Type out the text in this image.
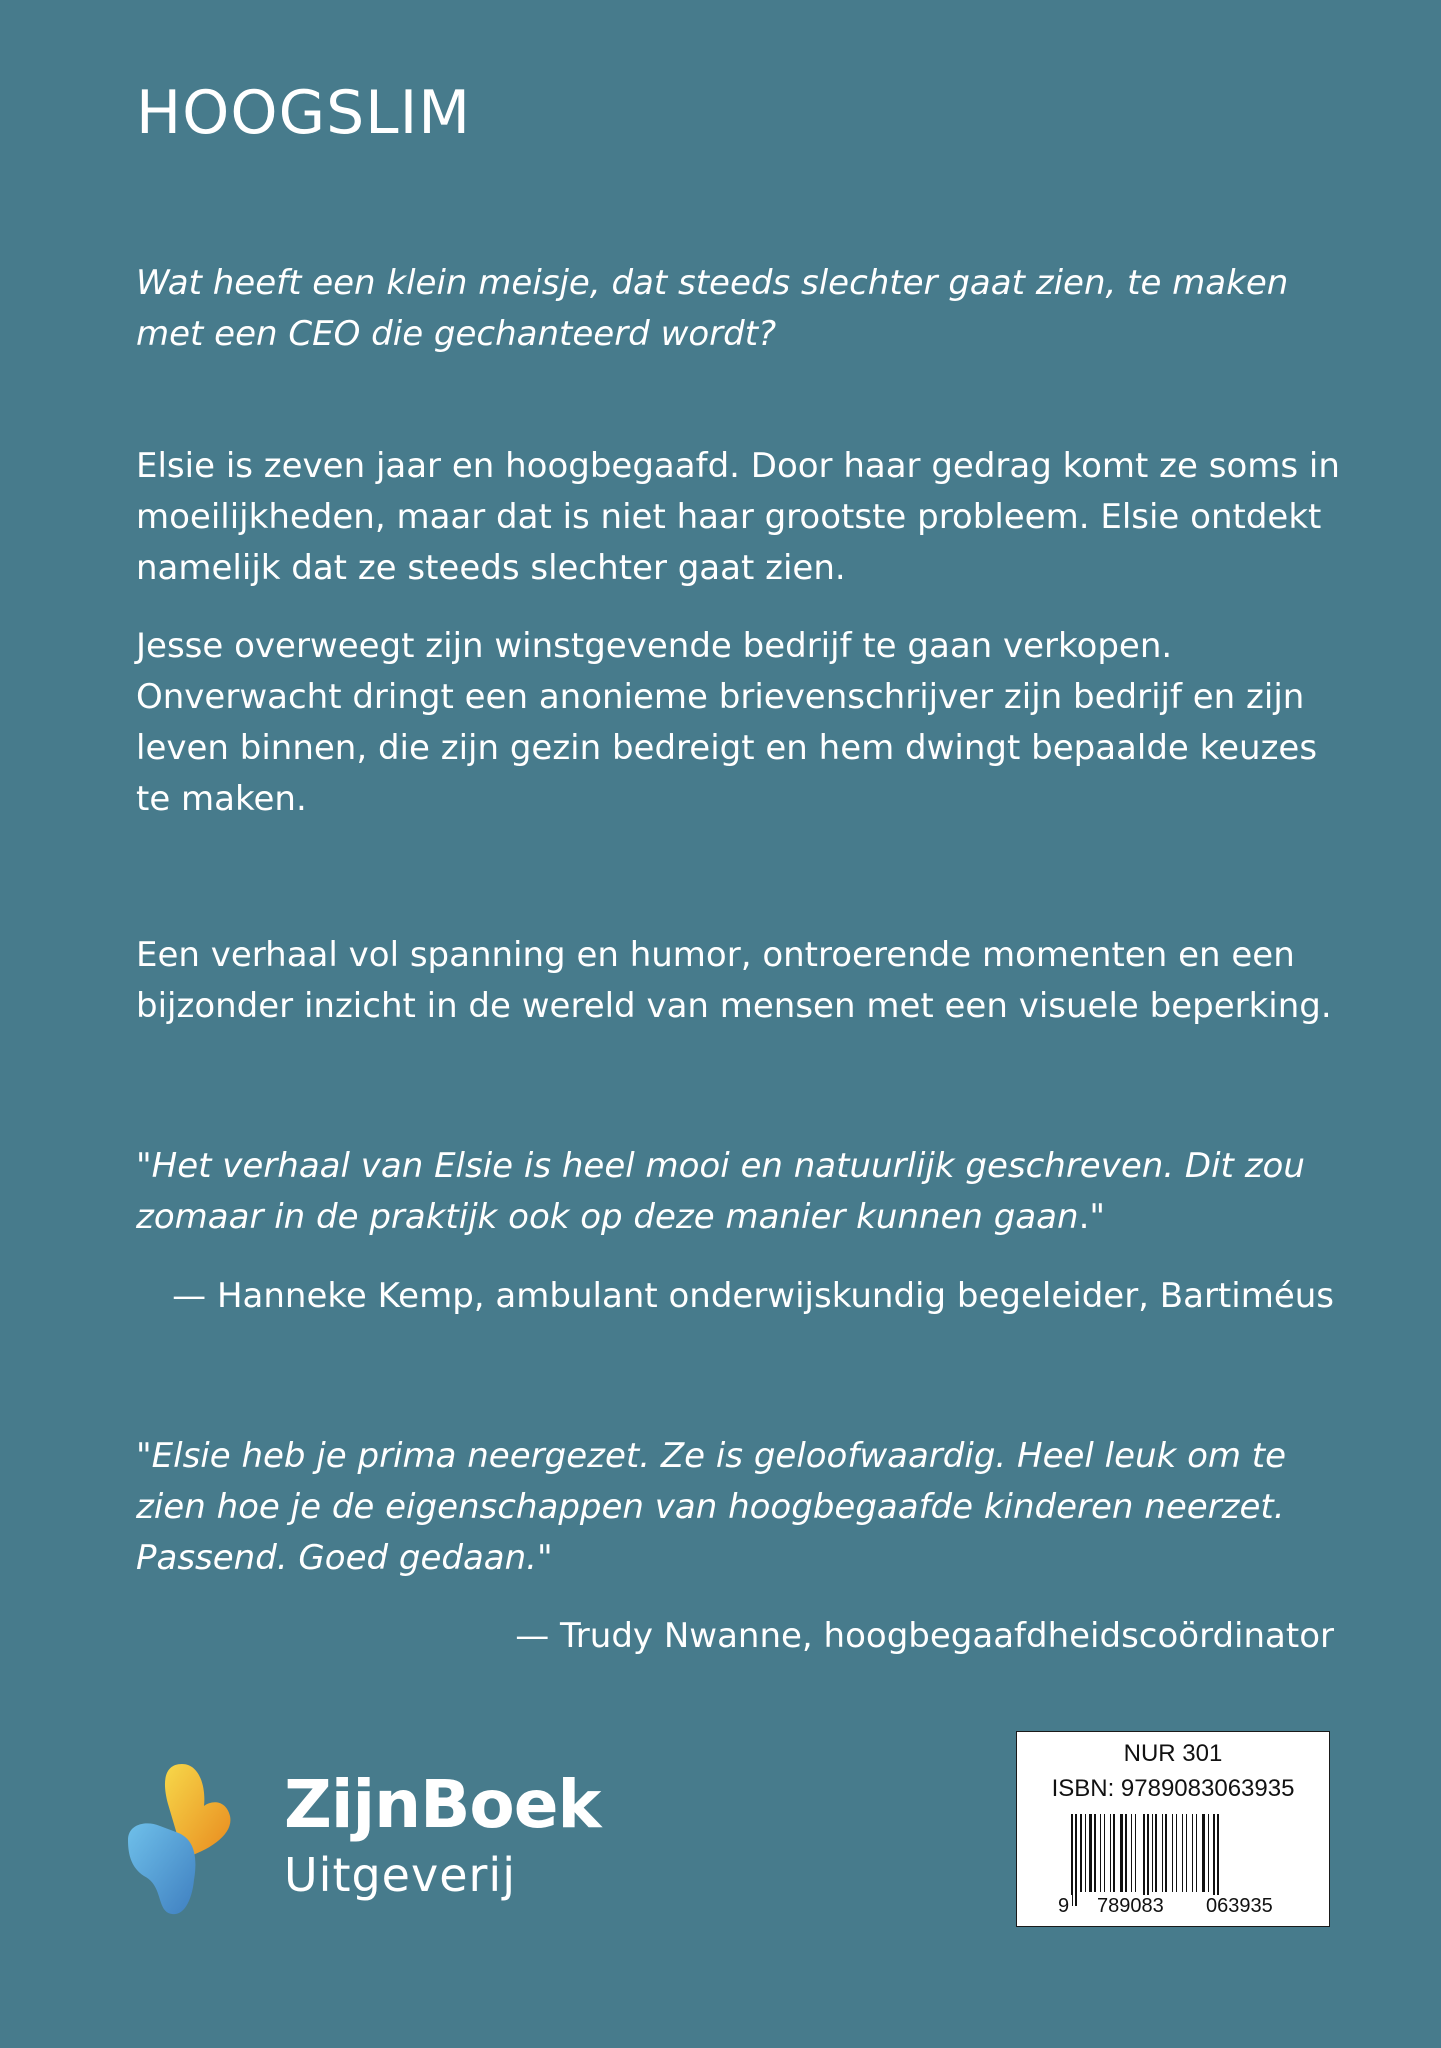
HOOGSLIM

Wat heeft een klein meisje, dat steeds slechter gaat zien, te maken met een CEO die gechanteerd wordt?

Elsie is zeven jaar en hoogbegaafd. Door haar gedrag komt ze soms in moeilijkheden, maar dat is niet haar grootste probleem. Elsie ontdekt namelijk dat ze steeds slechter gaat zien.

Jesse overweegt zijn winstgevende bedrijf te gaan verkopen. Onverwacht dringt een anonieme brievenschrijver zijn bedrijf en zijn leven binnen, die zijn gezin bedreigt en hem dwingt bepaalde keuzes te maken.

Een verhaal vol spanning en humor, ontroerende momenten en een bijzonder inzicht in de wereld van mensen met een visuele beperking.

"Het verhaal van Elsie is heel mooi en natuurlijk geschreven. Dit zou zomaar in de praktijk ook op deze manier kunnen gaan."

— Hanneke Kemp, ambulant onderwijskundig begeleider, Bartiméus

"Elsie heb je prima neergezet. Ze is geloofwaardig. Heel leuk om te zien hoe je de eigenschappen van hoogbegaafde kinderen neerzet. Passend. Goed gedaan."

— Trudy Nwanne, hoogbegaafdheidscoördinator

ZijnBoek
Uitgeverij
NUR 301
ISBN: 9789083063935
9 789083 063935
